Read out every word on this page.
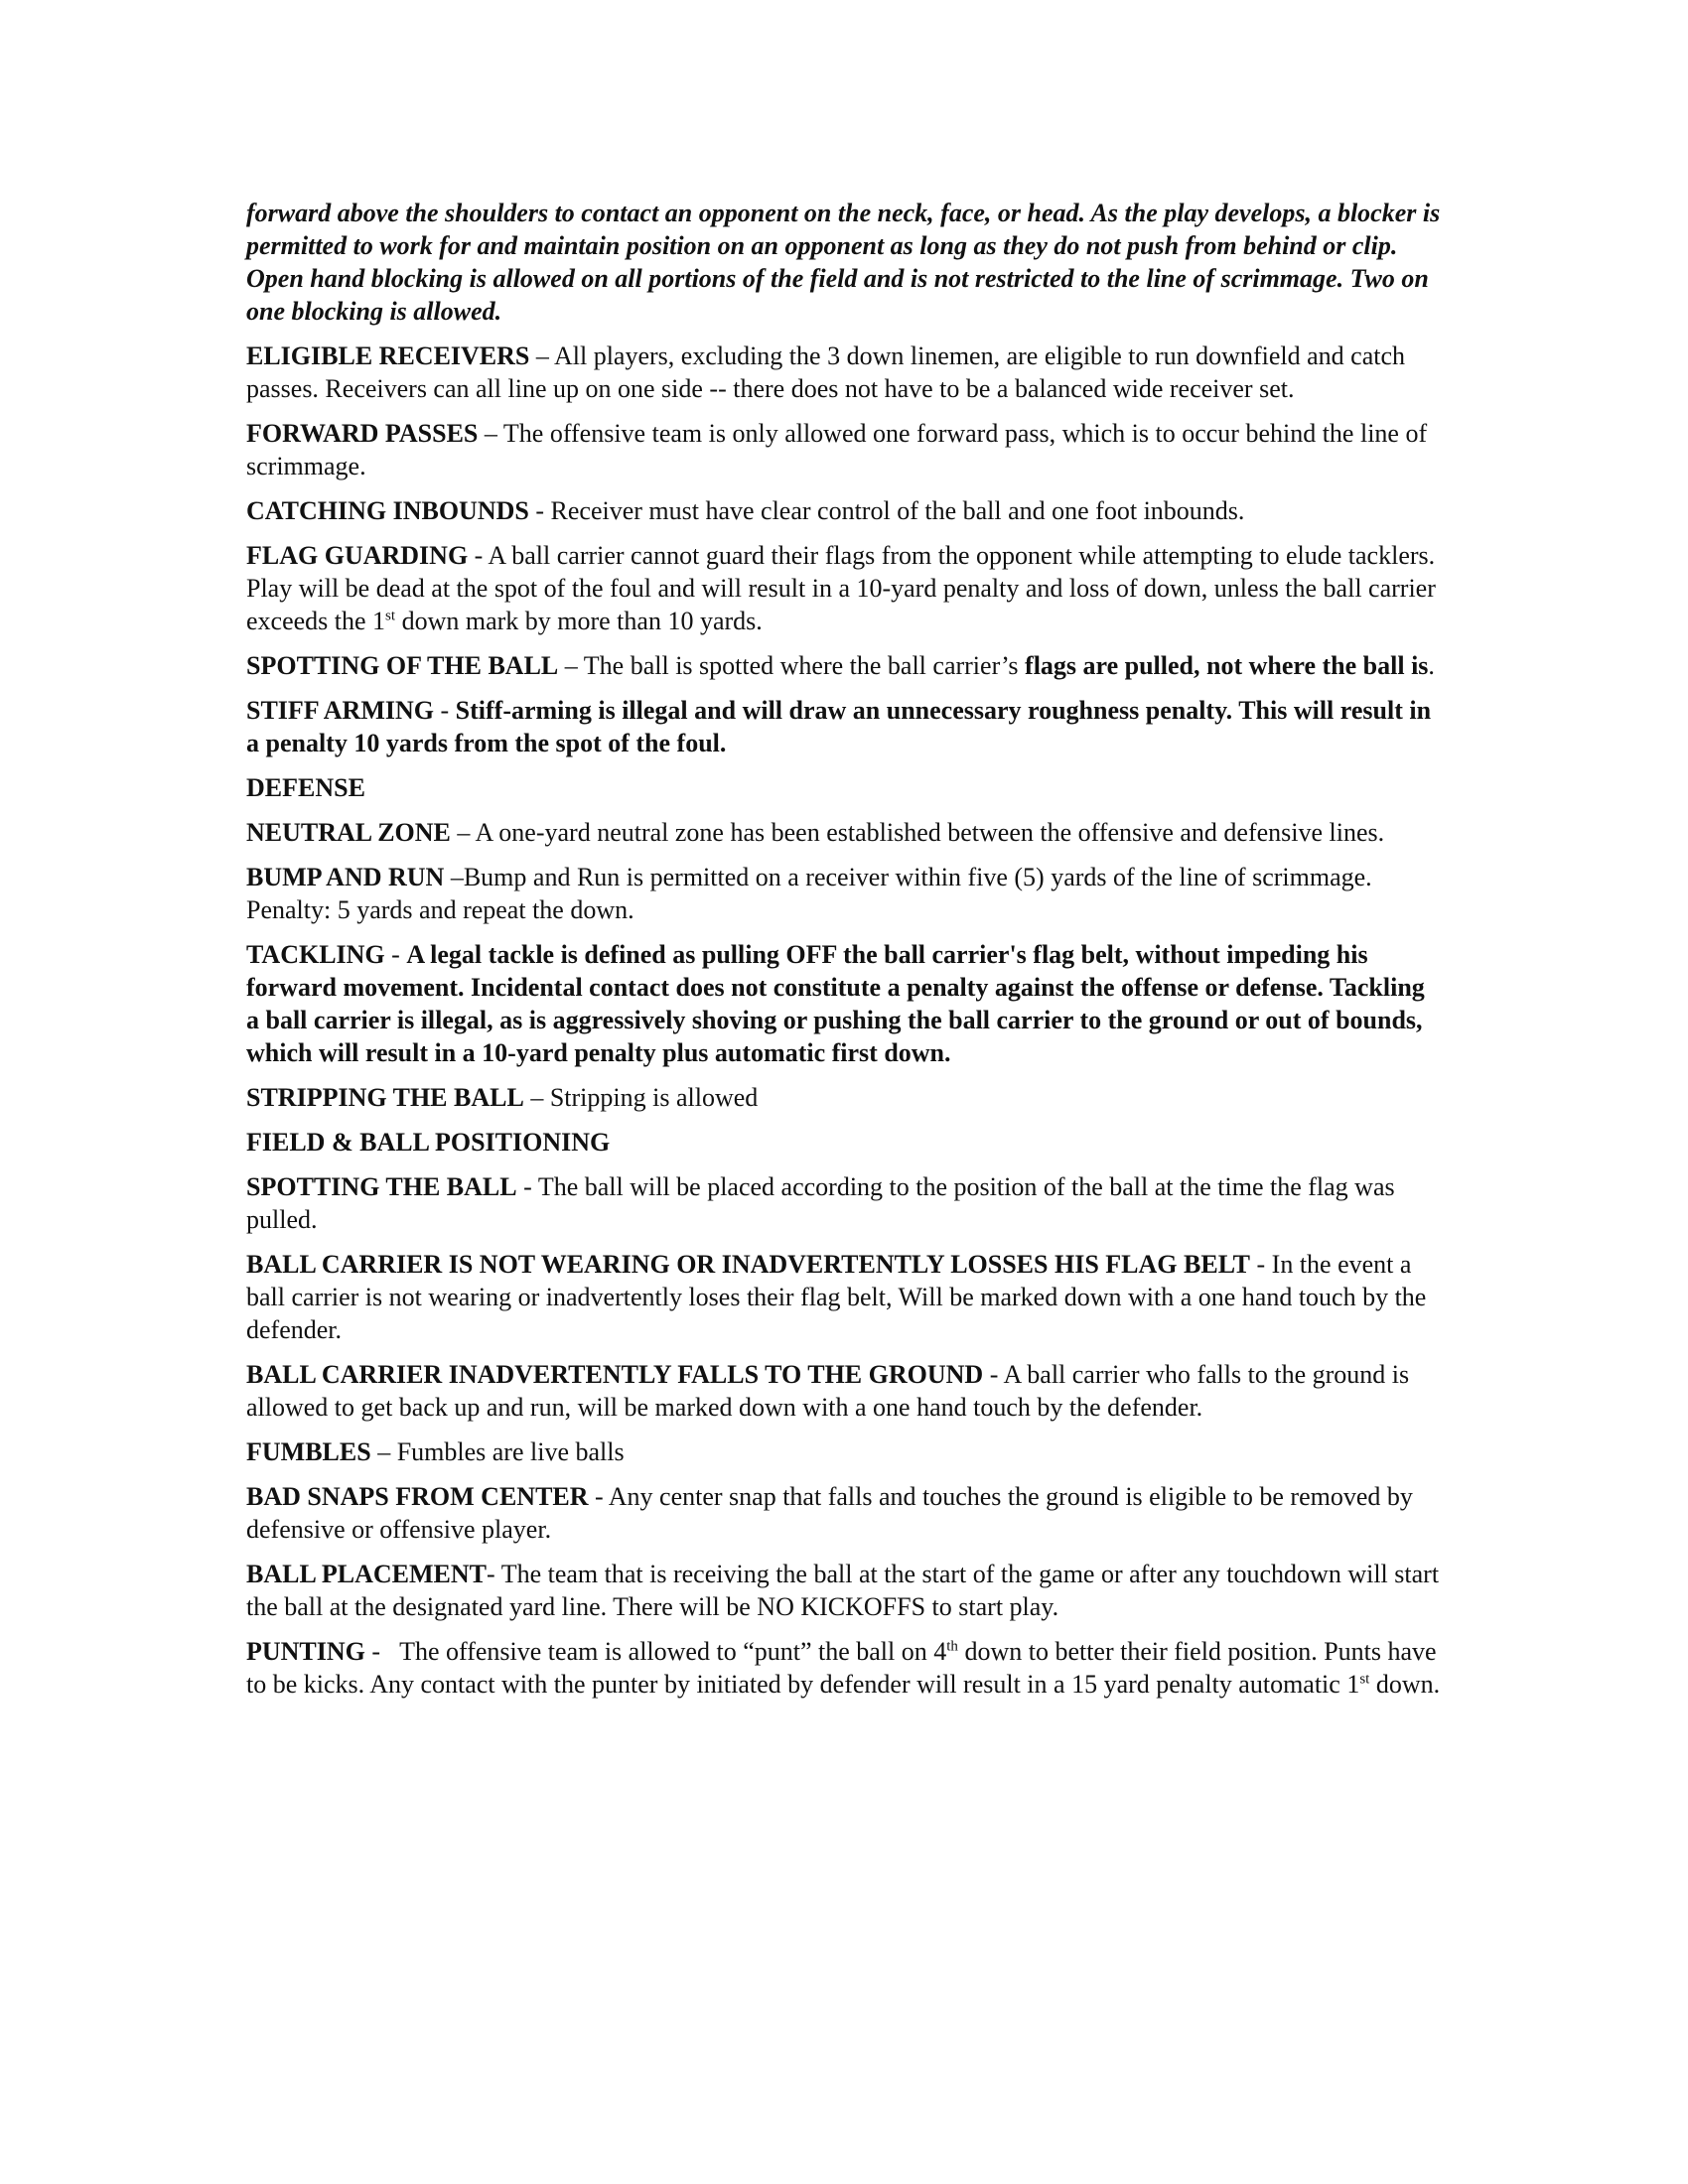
forward above the shoulders to contact an opponent on the neck, face, or head. As the play develops, a blocker is permitted to work for and maintain position on an opponent as long as they do not push from behind or clip. Open hand blocking is allowed on all portions of the field and is not restricted to the line of scrimmage. Two on one blocking is allowed.

ELIGIBLE RECEIVERS – All players, excluding the 3 down linemen, are eligible to run downfield and catch passes. Receivers can all line up on one side -- there does not have to be a balanced wide receiver set.

FORWARD PASSES – The offensive team is only allowed one forward pass, which is to occur behind the line of scrimmage.

CATCHING INBOUNDS - Receiver must have clear control of the ball and one foot inbounds.

FLAG GUARDING - A ball carrier cannot guard their flags from the opponent while attempting to elude tacklers. Play will be dead at the spot of the foul and will result in a 10-yard penalty and loss of down, unless the ball carrier exceeds the 1st down mark by more than 10 yards.

SPOTTING OF THE BALL – The ball is spotted where the ball carrier’s flags are pulled, not where the ball is.

STIFF ARMING - Stiff-arming is illegal and will draw an unnecessary roughness penalty. This will result in a penalty 10 yards from the spot of the foul.

DEFENSE

NEUTRAL ZONE – A one-yard neutral zone has been established between the offensive and defensive lines.

BUMP AND RUN –Bump and Run is permitted on a receiver within five (5) yards of the line of scrimmage. Penalty: 5 yards and repeat the down.

TACKLING - A legal tackle is defined as pulling OFF the ball carrier's flag belt, without impeding his forward movement. Incidental contact does not constitute a penalty against the offense or defense. Tackling a ball carrier is illegal, as is aggressively shoving or pushing the ball carrier to the ground or out of bounds, which will result in a 10-yard penalty plus automatic first down.

STRIPPING THE BALL – Stripping is allowed

FIELD & BALL POSITIONING

SPOTTING THE BALL - The ball will be placed according to the position of the ball at the time the flag was pulled.

BALL CARRIER IS NOT WEARING OR INADVERTENTLY LOSSES HIS FLAG BELT - In the event a ball carrier is not wearing or inadvertently loses their flag belt, Will be marked down with a one hand touch by the defender.

BALL CARRIER INADVERTENTLY FALLS TO THE GROUND - A ball carrier who falls to the ground is allowed to get back up and run, will be marked down with a one hand touch by the defender.

FUMBLES – Fumbles are live balls

BAD SNAPS FROM CENTER - Any center snap that falls and touches the ground is eligible to be removed by defensive or offensive player.

BALL PLACEMENT- The team that is receiving the ball at the start of the game or after any touchdown will start the ball at the designated yard line. There will be NO KICKOFFS to start play.

PUNTING -   The offensive team is allowed to “punt” the ball on 4th down to better their field position. Punts have to be kicks. Any contact with the punter by initiated by defender will result in a 15 yard penalty automatic 1st down.
